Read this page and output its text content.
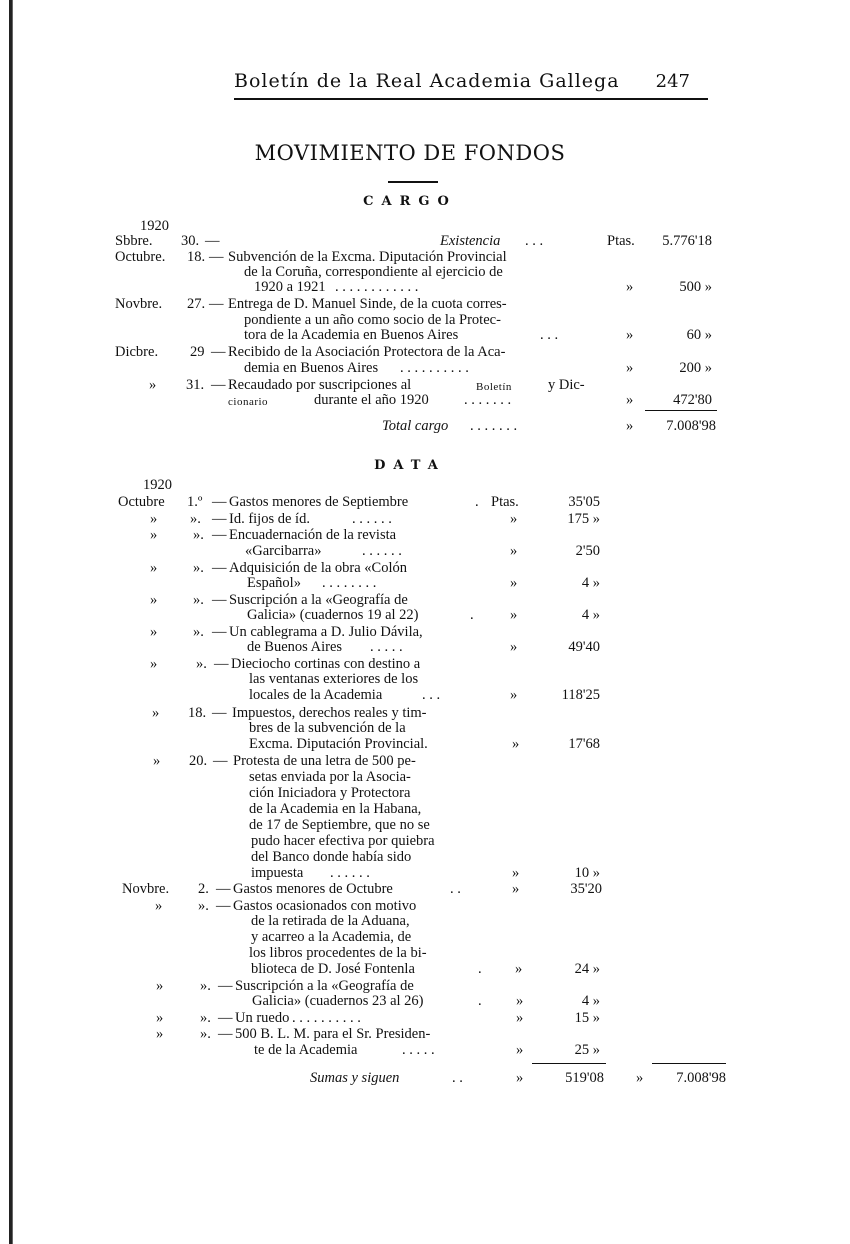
Boletín de la Real Academia Gallega 247
MOVIMIENTO DE FONDOS
CARGO
1920
Sbbre. 30. —	Existencia . . .	Ptas.	5.776'18
Octubre. 18. — Subvención de la Excma. Diputación Provincial
de la Coruña, correspondiente al ejercicio de
1920 a 1921 . . . . . . . . . . . .	»	500 »
Novbre. 27. — Entrega de D. Manuel Sinde, de la cuota corres-
pondiente a un año como socio de la Protec-
tora de la Academia en Buenos Aires	. . .	»	60 »
Dicbre. 29 — Recibido de la Asociación Protectora de la Aca-
demia en Buenos Aires . . . . . . . . . .	»	200 »
» 31. — Recaudado por suscripciones al	Boletín y Dic-
cionario	durante el año 1920 . . . . . . .	»	472'80
Total cargo . . . . . . .	»	7.008'98
DATA
1920
Octubre 1.º — Gastos menores de Septiembre	. Ptas.	35'05
» ». — Id. fijos de íd.	. . . . . .	»	175 »
» ». — Encuadernación de la revista
«Garcibarra»	. . . . . .	»	2'50
» ». — Adquisición de la obra «Colón
Español» . . . . . . . .	»	4 »
» ». — Suscripción a la «Geografía de
Galicia» (cuadernos 19 al 22)	.	»	4 »
» ». — Un cablegrama a D. Julio Dávila,
de Buenos Aires . . . . .	»	49'40
»	». — Dieciocho cortinas con destino a
las ventanas exteriores de los
locales de la Academia	. . .	»	118'25
» 18. — Impuestos, derechos reales y tim-
bres de la subvención de la
Excma. Diputación Provincial.	»	17'68
» 20. — Protesta de una letra de 500 pe-
setas enviada por la Asocia-
ción Iniciadora y Protectora
de la Academia en la Habana,
de 17 de Septiembre, que no se
pudo hacer efectiva por quiebra
del Banco donde había sido
impuesta . . . . . .	»	10 »
Novbre. 2. — Gastos menores de Octubre	. .	»	35'20
» ». — Gastos ocasionados con motivo
de la retirada de la Aduana,
y acarreo a la Academia, de
los libros procedentes de la bi-
blioteca de D. José Fontenla	. »	24 »
»	». — Suscripción a la «Geografía de
Galicia» (cuadernos 23 al 26)	. »	4 »
»	». — Un ruedo . . . . . . . . . .	»	15 »
»	». — 500 B. L. M. para el Sr. Presiden-
te de la Academia	. . . . .	»	25 »
Sumas y siguen	. .	»	519'08 »	7.008'98
